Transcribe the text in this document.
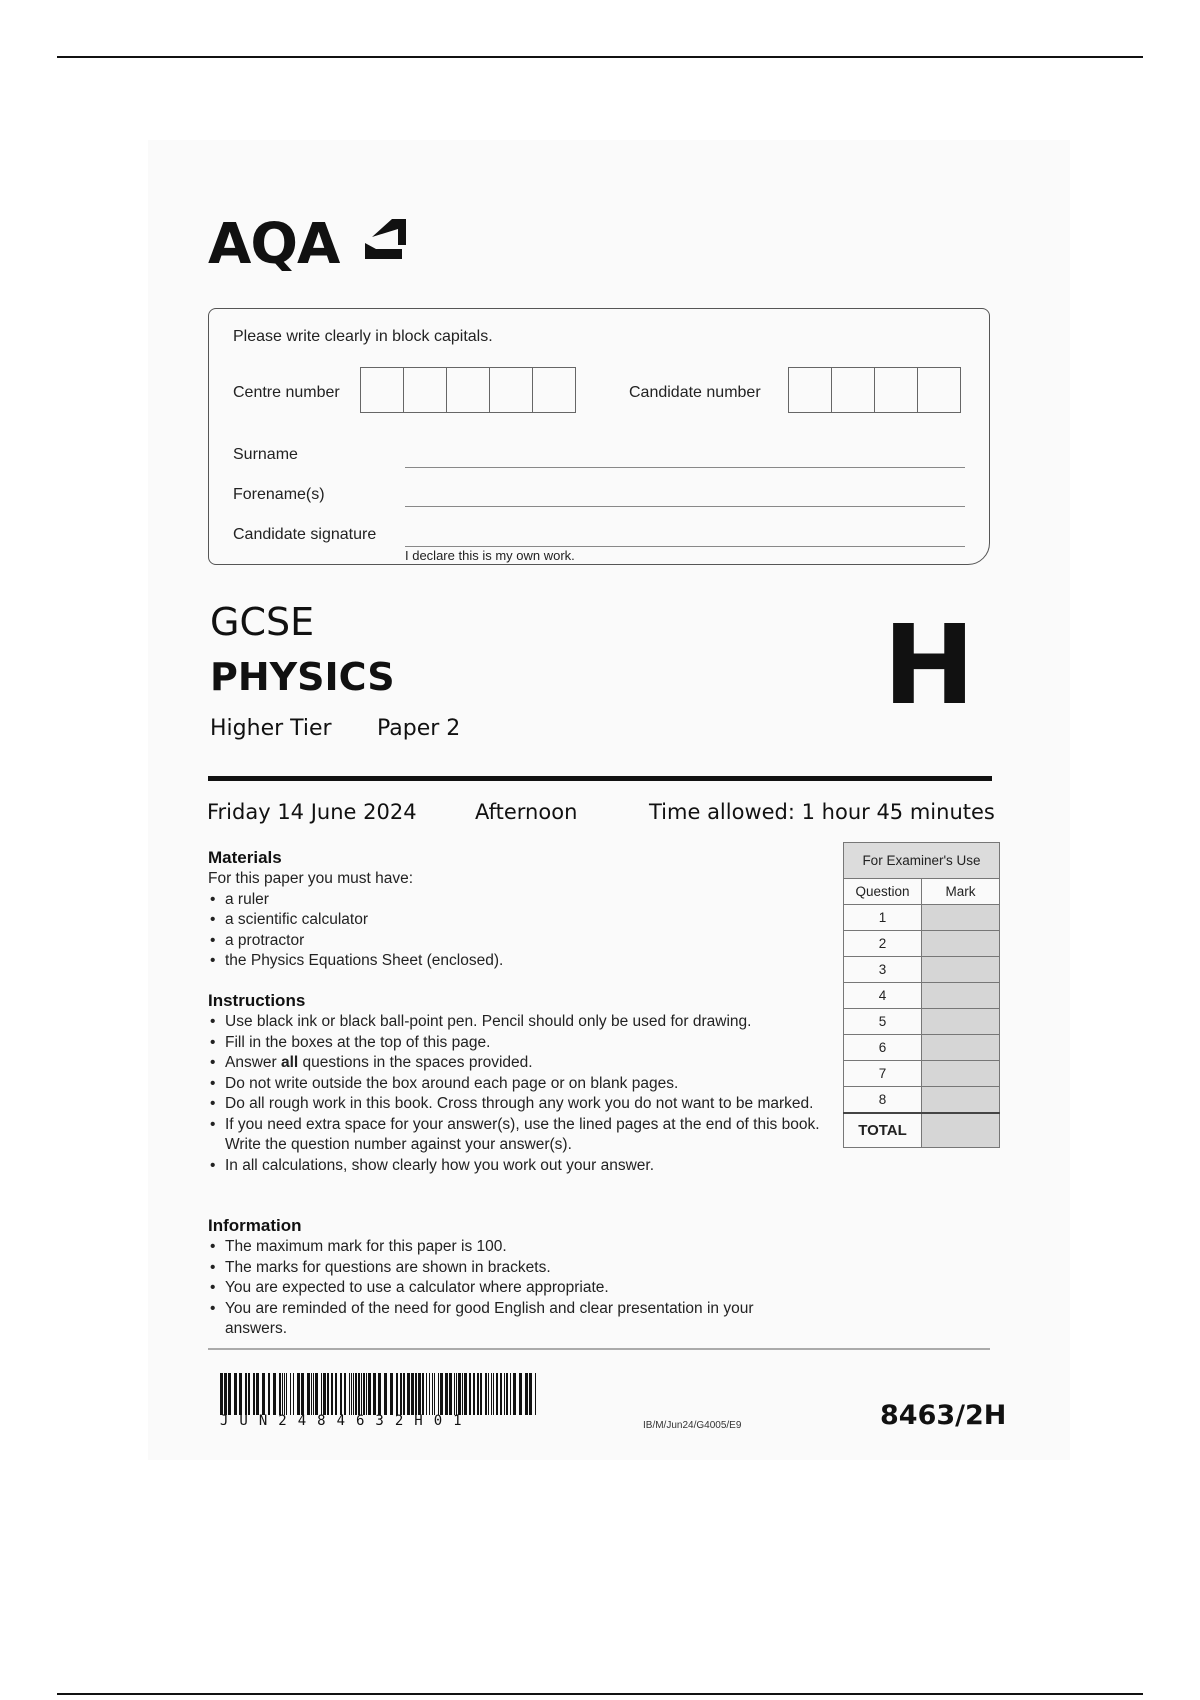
AQA
Please write clearly in block capitals.
Centre number	Candidate number
Surname
Forename(s)
Candidate signature
I declare this is my own work.
GCSE
PHYSICS
Higher Tier Paper 2	H
Friday 14 June 2024	Afternoon	Time allowed: 1 hour 45 minutes
Materials
For this paper you must have:
• a ruler
• a scientific calculator
• a protractor
• the Physics Equations Sheet (enclosed).
Instructions
• Use black ink or black ball-point pen. Pencil should only be used for drawing.
• Fill in the boxes at the top of this page.
• Answer all questions in the spaces provided.
• Do not write outside the box around each page or on blank pages.
• Do all rough work in this book. Cross through any work you do not want to be marked.
• If you need extra space for your answer(s), use the lined pages at the end of this book. Write the question number against your answer(s).
• In all calculations, show clearly how you work out your answer.
Information
• The maximum mark for this paper is 100.
• The marks for questions are shown in brackets.
• You are expected to use a calculator where appropriate.
• You are reminded of the need for good English and clear presentation in your answers.
For Examiner's Use	
Question	Mark
1	
2	
3	
4	
5	
6	
7	
8	
TOTAL	
JUN2484632H01	IB/M/Jun24/G4005/E9	8463/2H
